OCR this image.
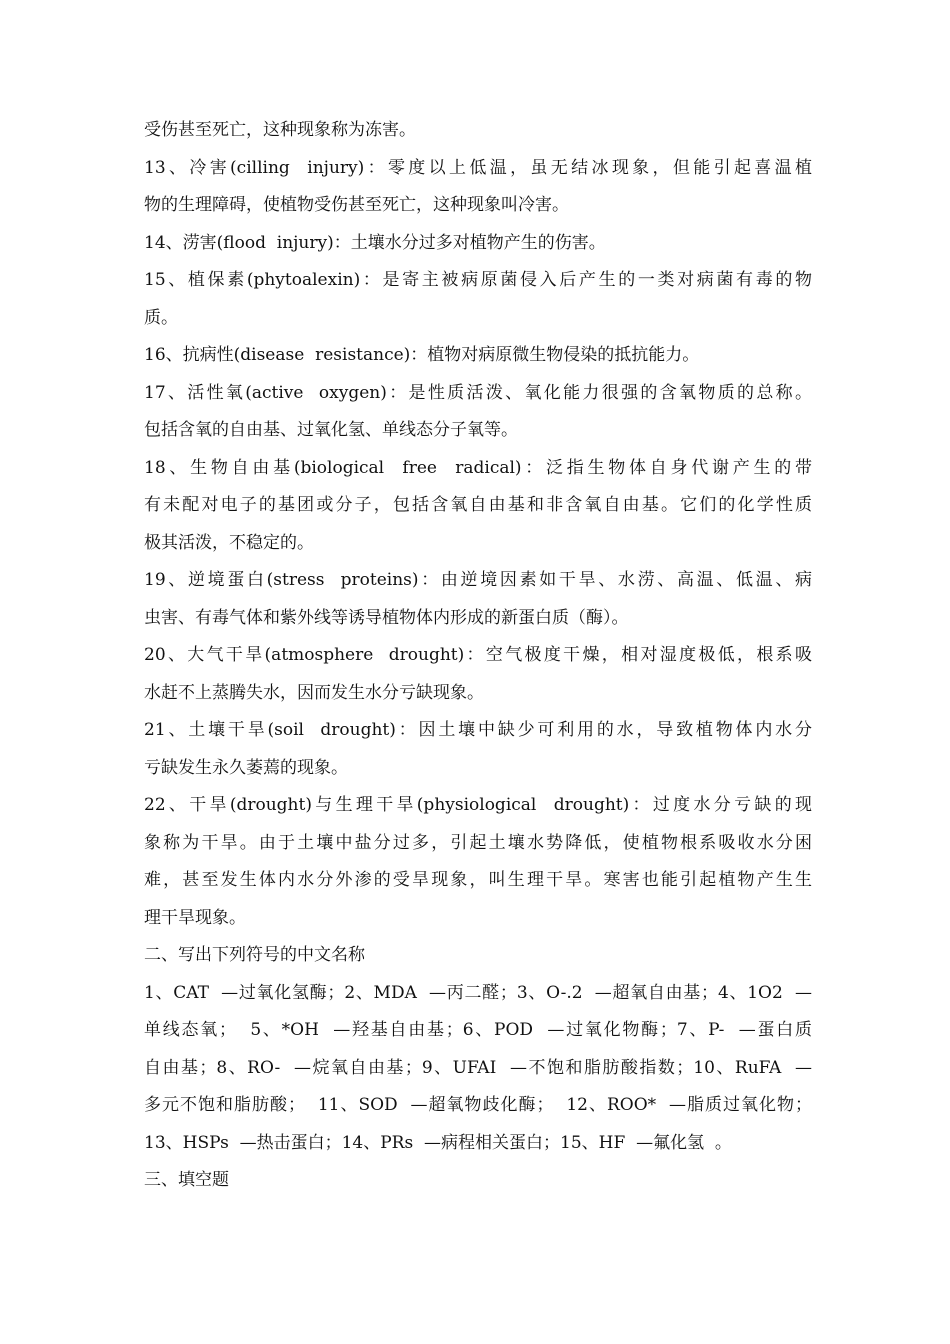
受伤甚至死亡，这种现象称为冻害。
13、冷害(cilling  injury)：零度以上低温，虽无结冰现象，但能引起喜温植
物的生理障碍，使植物受伤甚至死亡，这种现象叫冷害。
14、涝害(flood  injury)：土壤水分过多对植物产生的伤害。
15、植保素(phytoalexin)：是寄主被病原菌侵入后产生的一类对病菌有毒的物
质。
16、抗病性(disease  resistance)：植物对病原微生物侵染的抵抗能力。
17、活性氧(active  oxygen)：是性质活泼、氧化能力很强的含氧物质的总称。
包括含氧的自由基、过氧化氢、单线态分子氧等。
18、生物自由基(biological  free  radical)：泛指生物体自身代谢产生的带
有未配对电子的基团或分子，包括含氧自由基和非含氧自由基。它们的化学性质
极其活泼，不稳定的。
19、逆境蛋白(stress  proteins)：由逆境因素如干旱、水涝、高温、低温、病
虫害、有毒气体和紫外线等诱导植物体内形成的新蛋白质（酶）。
20、大气干旱(atmosphere  drought)：空气极度干燥，相对湿度极低，根系吸
水赶不上蒸腾失水，因而发生水分亏缺现象。
21、土壤干旱(soil  drought)：因土壤中缺少可利用的水，导致植物体内水分
亏缺发生永久萎蔫的现象。
22、干旱(drought)与生理干旱(physiological  drought)：过度水分亏缺的现
象称为干旱。由于土壤中盐分过多，引起土壤水势降低，使植物根系吸收水分困
难，甚至发生体内水分外渗的受旱现象，叫生理干旱。寒害也能引起植物产生生
理干旱现象。
二、写出下列符号的中文名称
1、CAT  —过氧化氢酶；2、MDA  —丙二醛；3、O-.2  —超氧自由基；4、1O2  —
单线态氧；  5、*OH  —羟基自由基；6、POD  —过氧化物酶；7、P-  —蛋白质
自由基；8、RO-  —烷氧自由基；9、UFAI  —不饱和脂肪酸指数；10、RuFA  —
多元不饱和脂肪酸；  11、SOD  —超氧物歧化酶；  12、ROO*  —脂质过氧化物；
13、HSPs  —热击蛋白；14、PRs  —病程相关蛋白；15、HF  —氟化氢  。
三、填空题
